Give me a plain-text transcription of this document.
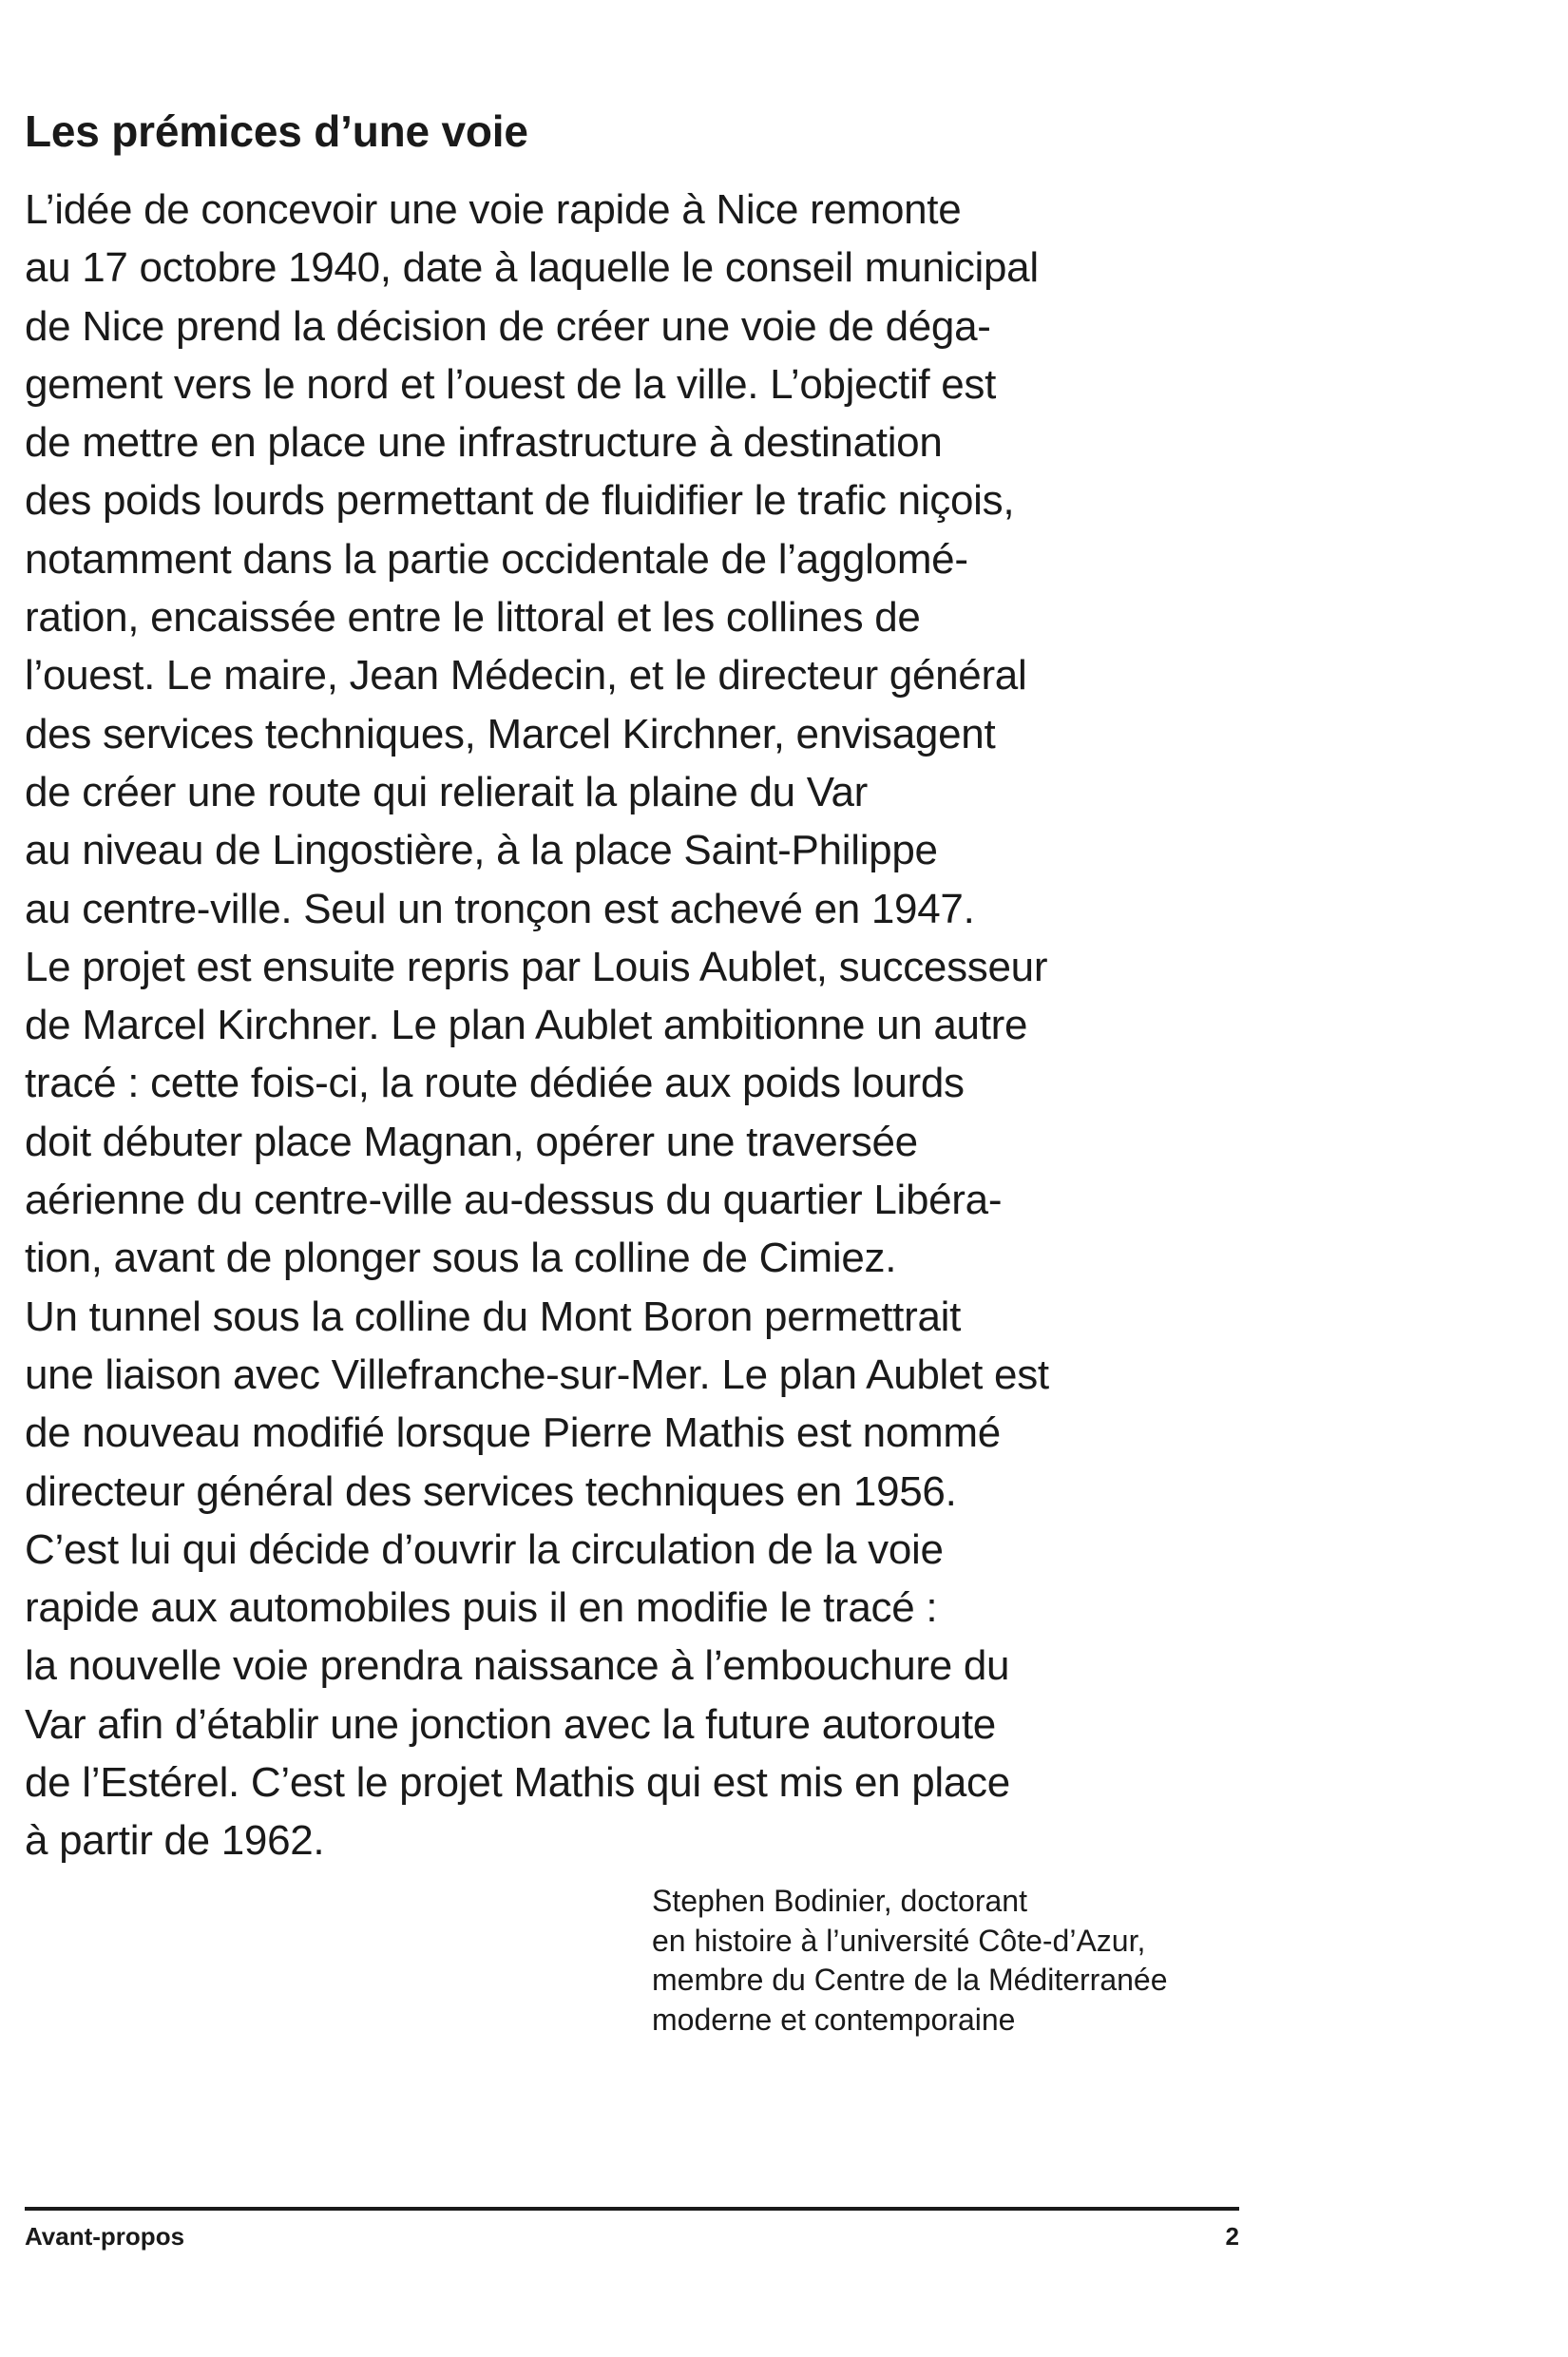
Les prémices d’une voie

L’idée de concevoir une voie rapide à Nice remonte
au 17 octobre 1940, date à laquelle le conseil municipal
de Nice prend la décision de créer une voie de déga-
gement vers le nord et l’ouest de la ville. L’objectif est
de mettre en place une infrastructure à destination
des poids lourds permettant de fluidifier le trafic niçois,
notamment dans la partie occidentale de l’agglomé-
ration, encaissée entre le littoral et les collines de
l’ouest. Le maire, Jean Médecin, et le directeur général
des services techniques, Marcel Kirchner, envisagent
de créer une route qui relierait la plaine du Var
au niveau de Lingostière, à la place Saint-Philippe
au centre-ville. Seul un tronçon est achevé en 1947.
Le projet est ensuite repris par Louis Aublet, successeur
de Marcel Kirchner. Le plan Aublet ambitionne un autre
tracé : cette fois-ci, la route dédiée aux poids lourds
doit débuter place Magnan, opérer une traversée
aérienne du centre-ville au-dessus du quartier Libéra-
tion, avant de plonger sous la colline de Cimiez.
Un tunnel sous la colline du Mont Boron permettrait
une liaison avec Villefranche-sur-Mer. Le plan Aublet est
de nouveau modifié lorsque Pierre Mathis est nommé
directeur général des services techniques en 1956.
C’est lui qui décide d’ouvrir la circulation de la voie
rapide aux automobiles puis il en modifie le tracé :
la nouvelle voie prendra naissance à l’embouchure du
Var afin d’établir une jonction avec la future autoroute
de l’Estérel. C’est le projet Mathis qui est mis en place
à partir de 1962.

Stephen Bodinier, doctorant
en histoire à l’université Côte-d’Azur,
membre du Centre de la Méditerranée
moderne et contemporaine

Avant-propos	2
